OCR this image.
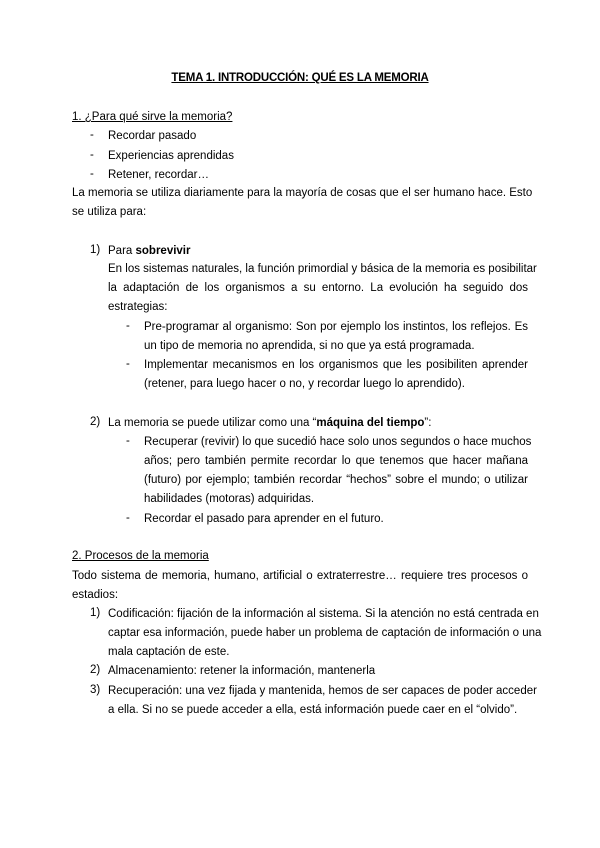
TEMA 1. INTRODUCCIÓN: QUÉ ES LA MEMORIA
1. ¿Para qué sirve la memoria?
- Recordar pasado
- Experiencias aprendidas
- Retener, recordar…
La memoria se utiliza diariamente para la mayoría de cosas que el ser humano hace. Esto
se utiliza para:
1) Para sobrevivir
En los sistemas naturales, la función primordial y básica de la memoria es posibilitar
la adaptación de los organismos a su entorno. La evolución ha seguido dos
estrategias:
- Pre-programar al organismo: Son por ejemplo los instintos, los reflejos. Es
un tipo de memoria no aprendida, si no que ya está programada.
- Implementar mecanismos en los organismos que les posibiliten aprender
(retener, para luego hacer o no, y recordar luego lo aprendido).
2) La memoria se puede utilizar como una “máquina del tiempo”:
- Recuperar (revivir) lo que sucedió hace solo unos segundos o hace muchos
años; pero también permite recordar lo que tenemos que hacer mañana
(futuro) por ejemplo; también recordar “hechos” sobre el mundo; o utilizar
habilidades (motoras) adquiridas.
- Recordar el pasado para aprender en el futuro.
2. Procesos de la memoria
Todo sistema de memoria, humano, artificial o extraterrestre… requiere tres procesos o
estadios:
1) Codificación: fijación de la información al sistema. Si la atención no está centrada en
captar esa información, puede haber un problema de captación de información o una
mala captación de este.
2) Almacenamiento: retener la información, mantenerla
3) Recuperación: una vez fijada y mantenida, hemos de ser capaces de poder acceder
a ella. Si no se puede acceder a ella, está información puede caer en el “olvido”.
